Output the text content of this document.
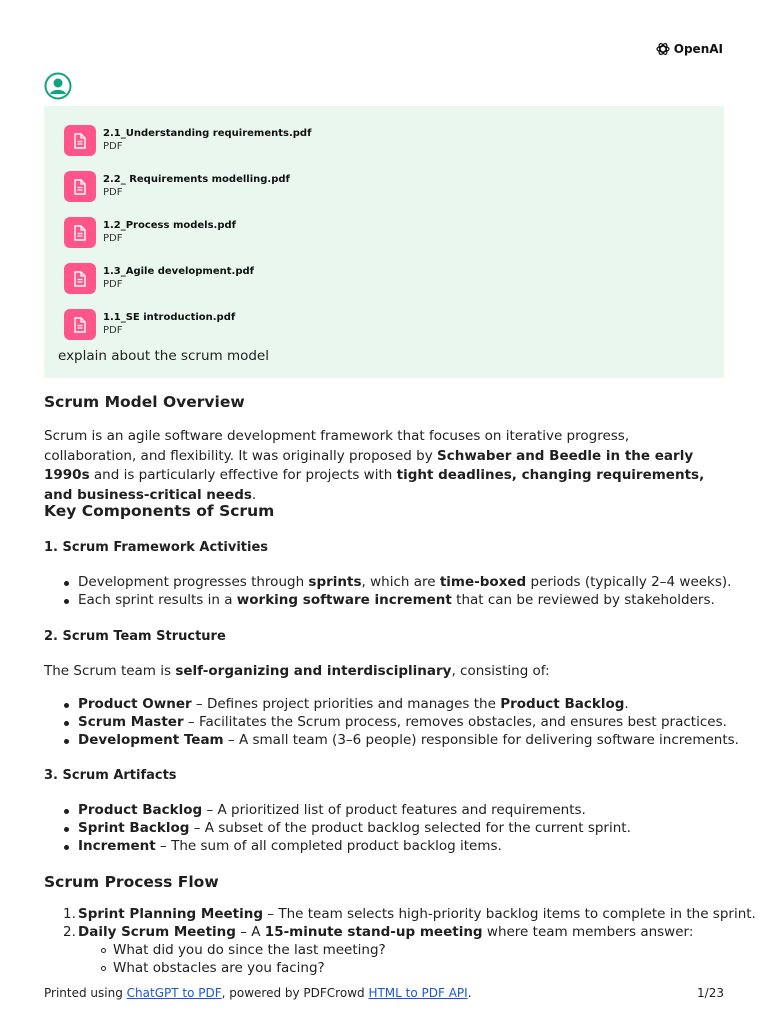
OpenAI
2.1_Understanding requirements.pdf
PDF
2.2_ Requirements modelling.pdf
PDF
1.2_Process models.pdf
PDF
1.3_Agile development.pdf
PDF
1.1_SE introduction.pdf
PDF
explain about the scrum model
Scrum Model Overview
Scrum is an agile software development framework that focuses on iterative progress, collaboration, and flexibility. It was originally proposed by Schwaber and Beedle in the early 1990s and is particularly effective for projects with tight deadlines, changing requirements, and business-critical needs.
Key Components of Scrum
1. Scrum Framework Activities
Development progresses through sprints, which are time-boxed periods (typically 2–4 weeks).
Each sprint results in a working software increment that can be reviewed by stakeholders.
2. Scrum Team Structure
The Scrum team is self-organizing and interdisciplinary, consisting of:
Product Owner – Defines project priorities and manages the Product Backlog.
Scrum Master – Facilitates the Scrum process, removes obstacles, and ensures best practices.
Development Team – A small team (3–6 people) responsible for delivering software increments.
3. Scrum Artifacts
Product Backlog – A prioritized list of product features and requirements.
Sprint Backlog – A subset of the product backlog selected for the current sprint.
Increment – The sum of all completed product backlog items.
Scrum Process Flow
1. Sprint Planning Meeting – The team selects high-priority backlog items to complete in the sprint.
2. Daily Scrum Meeting – A 15-minute stand-up meeting where team members answer:
What did you do since the last meeting?
What obstacles are you facing?
Printed using ChatGPT to PDF, powered by PDFCrowd HTML to PDF API.	1/23
